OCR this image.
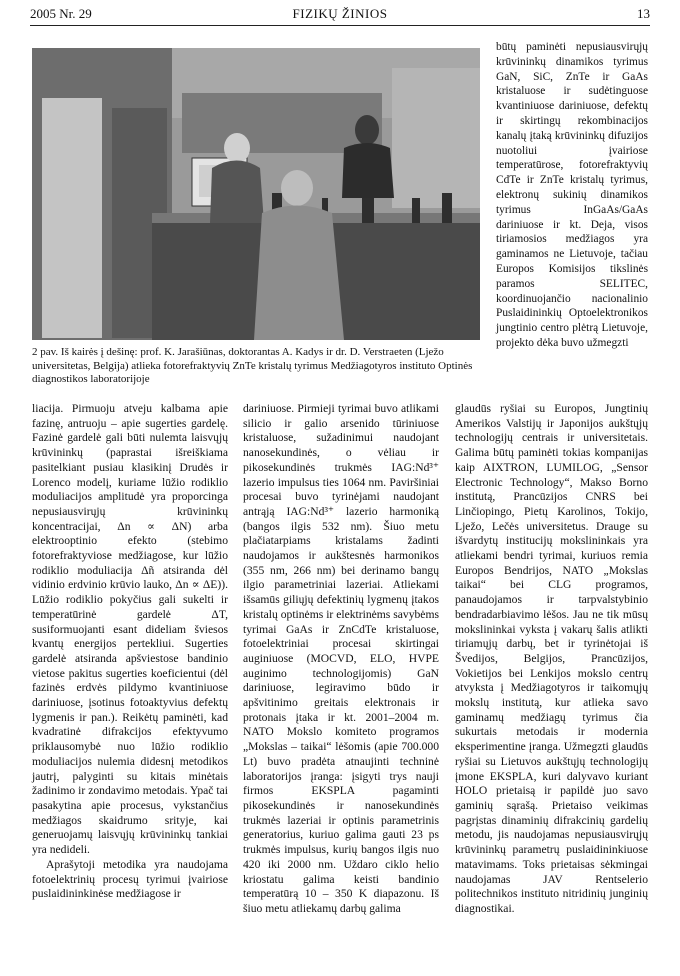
2005 Nr. 29	FIZIKŲ ŽINIOS	13
2 pav. Iš kairės į dešinę: prof. K. Jarašiūnas, doktorantas A. Kadys ir dr. D. Verstraeten (Lježo universitetas, Belgija) atlieka fotorefraktyvių ZnTe kristalų tyrimus Medžiagotyros instituto Optinės diagnostikos laboratorijoje
būtų paminėti nepusiausvirųjų krūvininkų dinamikos tyrimus GaN, SiC, ZnTe ir GaAs kristaluose ir sudėtinguose kvantiniuose dariniuose, defektų ir skirtingų rekombinacijos kanalų įtaką krūvininkų difuzijos nuotoliui įvairiose temperatūrose, fotorefraktyvių CdTe ir ZnTe kristalų tyrimus, elektronų sukinių dinamikos tyrimus InGaAs/GaAs dariniuose ir kt. Deja, visos tiriamosios medžiagos yra gaminamos ne Lietuvoje, tačiau Europos Komisijos tikslinės paramos SELITEC, koordinuojančio nacionalinio Puslaidininkių Optoelektronikos jungtinio centro plėtrą Lietuvoje, projekto dėka buvo užmegzti

liacija. Pirmuoju atveju kalbama apie fazinę, antruoju – apie sugerties gardelę. Fazinė gardelė gali būti nulemta laisvųjų krūvininkų (paprastai išreiškiama pasitelkiant pusiau klasikinį Drudės ir Lorenco modelį, kuriame lūžio rodiklio moduliacijos amplitudė yra proporcinga nepusiausvirųjų krūvininkų koncentracijai, Δn ∝ ΔN) arba elektrooptinio efekto (stebimo fotorefraktyviose medžiagose, kur lūžio rodiklio moduliacija Δñ atsiranda dėl vidinio erdvinio krūvio lauko, Δn ∝ ΔE)). Lūžio rodiklio pokyčius gali sukelti ir temperatūrinė gardelė ΔT, susiformuojanti esant dideliam šviesos kvantų energijos pertekliui. Sugerties gardelė atsiranda apšviestose bandinio vietose pakitus sugerties koeficientui (dėl fazinės erdvės pildymo kvantiniuose dariniuose, įsotinus fotoaktyvius defektų lygmenis ir pan.). Reikėtų paminėti, kad kvadratinė difrakcijos efektyvumo priklausomybė nuo lūžio rodiklio moduliacijos nulemia didesnį metodikos jautrį, palyginti su kitais minėtais žadinimo ir zondavimo metodais. Ypač tai pasakytina apie procesus, vykstančius medžiagos skaidrumo srityje, kai generuojamų laisvųjų krūvininkų tankiai yra nedideli.

Aprašytoji metodika yra naudojama fotoelektrinių procesų tyrimui įvairiose puslaidininkinėse medžiagose ir

dariniuose. Pirmieji tyrimai buvo atlikami silicio ir galio arsenido tūriniuose kristaluose, sužadinimui naudojant nanosekundinės, o vėliau ir pikosekundinės trukmės IAG:Nd³⁺ lazerio impulsus ties 1064 nm. Paviršiniai procesai buvo tyrinėjami naudojant antrąją IAG:Nd³⁺ lazerio harmoniką (bangos ilgis 532 nm). Šiuo metu plačiatarpiams kristalams žadinti naudojamos ir aukštesnės harmonikos (355 nm, 266 nm) bei derinamo bangų ilgio parametriniai lazeriai. Atliekami išsamūs giliųjų defektinių lygmenų įtakos kristalų optinėms ir elektrinėms savybėms tyrimai GaAs ir ZnCdTe kristaluose, fotoelektriniai procesai skirtingai auginiuose (MOCVD, ELO, HVPE auginimo technologijomis) GaN dariniuose, legiravimo būdo ir apšvitinimo greitais elektronais ir protonais įtaka ir kt. 2001–2004 m. NATO Mokslo komiteto programos „Mokslas – taikai“ lėšomis (apie 700.000 Lt) buvo pradėta atnaujinti techninė laboratorijos įranga: įsigyti trys nauji firmos EKSPLA pagaminti pikosekundinės ir nanosekundinės trukmės lazeriai ir optinis parametrinis generatorius, kuriuo galima gauti 23 ps trukmės impulsus, kurių bangos ilgis nuo 420 iki 2000 nm. Uždaro ciklo helio kriostatu galima keisti bandinio temperatūrą 10 – 350 K diapazonu. Iš šiuo metu atliekamų darbų galima

glaudūs ryšiai su Europos, Jungtinių Amerikos Valstijų ir Japonijos aukštųjų technologijų centrais ir universitetais. Galima būtų paminėti tokias kompanijas kaip AIXTRON, LUMILOG, „Sensor Electronic Technology“, Makso Borno institutą, Prancūzijos CNRS bei Linčiopingo, Pietų Karolinos, Tokijo, Lježo, Lečės universitetus. Drauge su išvardytų institucijų mokslininkais yra atliekami bendri tyrimai, kuriuos remia Europos Bendrijos, NATO „Mokslas taikai“ bei CLG programos, panaudojamos ir tarpvalstybinio bendradarbiavimo lėšos. Jau ne tik mūsų mokslininkai vyksta į vakarų šalis atlikti tiriamųjų darbų, bet ir tyrinėtojai iš Švedijos, Belgijos, Prancūzijos, Vokietijos bei Lenkijos mokslo centrų atvyksta į Medžiagotyros ir taikomųjų mokslų institutą, kur atlieka savo gaminamų medžiagų tyrimus čia sukurtais metodais ir modernia eksperimentine įranga. Užmegzti glaudūs ryšiai su Lietuvos aukštųjų technologijų įmone EKSPLA, kuri dalyvavo kuriant HOLO prietaisą ir papildė juo savo gaminių sąrašą. Prietaiso veikimas pagrįstas dinaminių difrakcinių gardelių metodu, jis naudojamas nepusiausvirųjų krūvininkų parametrų puslaidininkiuose matavimams. Toks prietaisas sėkmingai naudojamas JAV Rentselerio politechnikos instituto nitridinių junginių diagnostikai.
